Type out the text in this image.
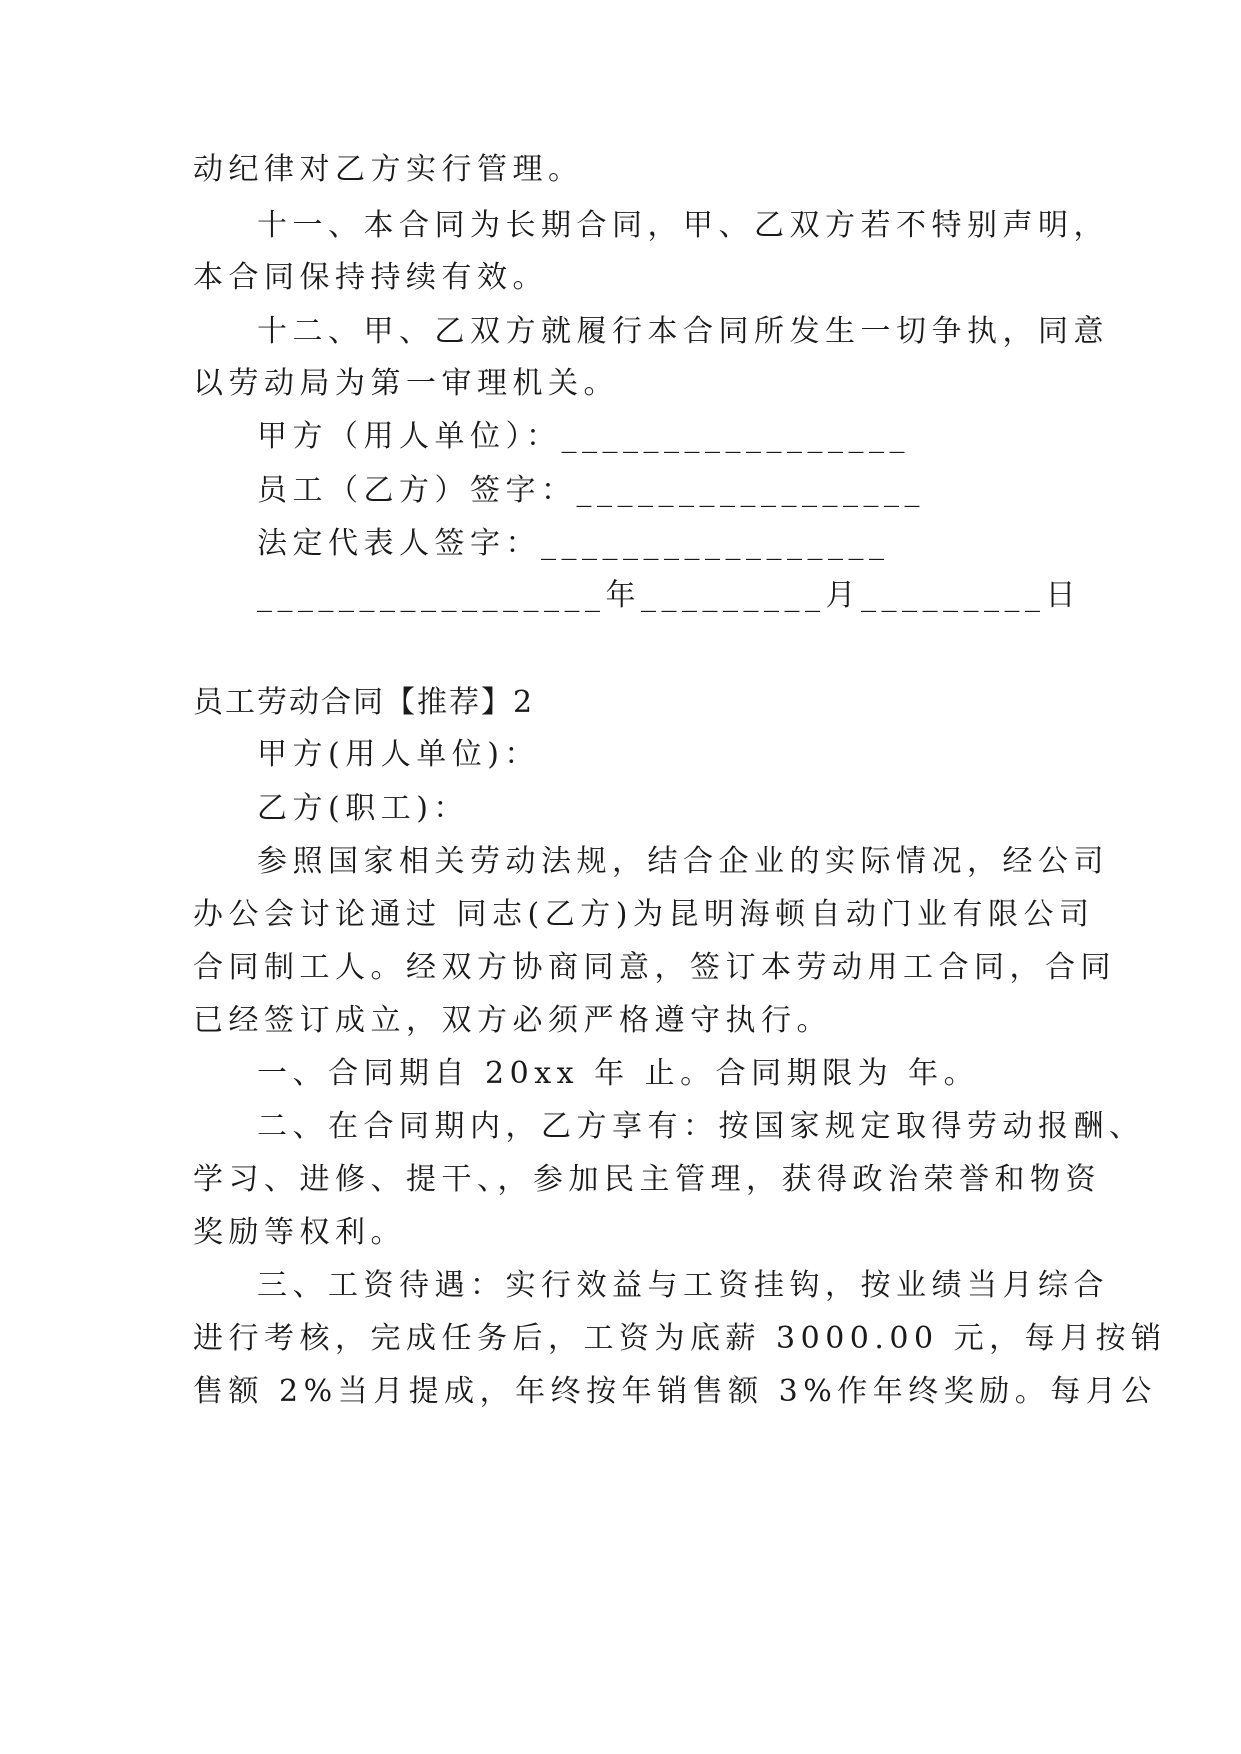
动纪律对乙方实行管理。
十一、本合同为长期合同，甲、乙双方若不特别声明，
本合同保持持续有效。
十二、甲、乙双方就履行本合同所发生一切争执，同意
以劳动局为第一审理机关。
甲方（用人单位）：_________________
员工（乙方）签字：_________________
法定代表人签字：_________________
_________________年_________月_________日
员工劳动合同【推荐】2
甲方(用人单位)：
乙方(职工)：
参照国家相关劳动法规，结合企业的实际情况，经公司
办公会讨论通过 同志(乙方)为昆明海顿自动门业有限公司
合同制工人。经双方协商同意，签订本劳动用工合同，合同
已经签订成立，双方必须严格遵守执行。
一、合同期自 20xx 年 止。合同期限为 年。
二、在合同期内，乙方享有：按国家规定取得劳动报酬、
学习、进修、提干、，参加民主管理，获得政治荣誉和物资
奖励等权利。
三、工资待遇：实行效益与工资挂钩，按业绩当月综合
进行考核，完成任务后，工资为底薪 3000.00 元，每月按销
售额 2%当月提成，年终按年销售额 3%作年终奖励。每月公
